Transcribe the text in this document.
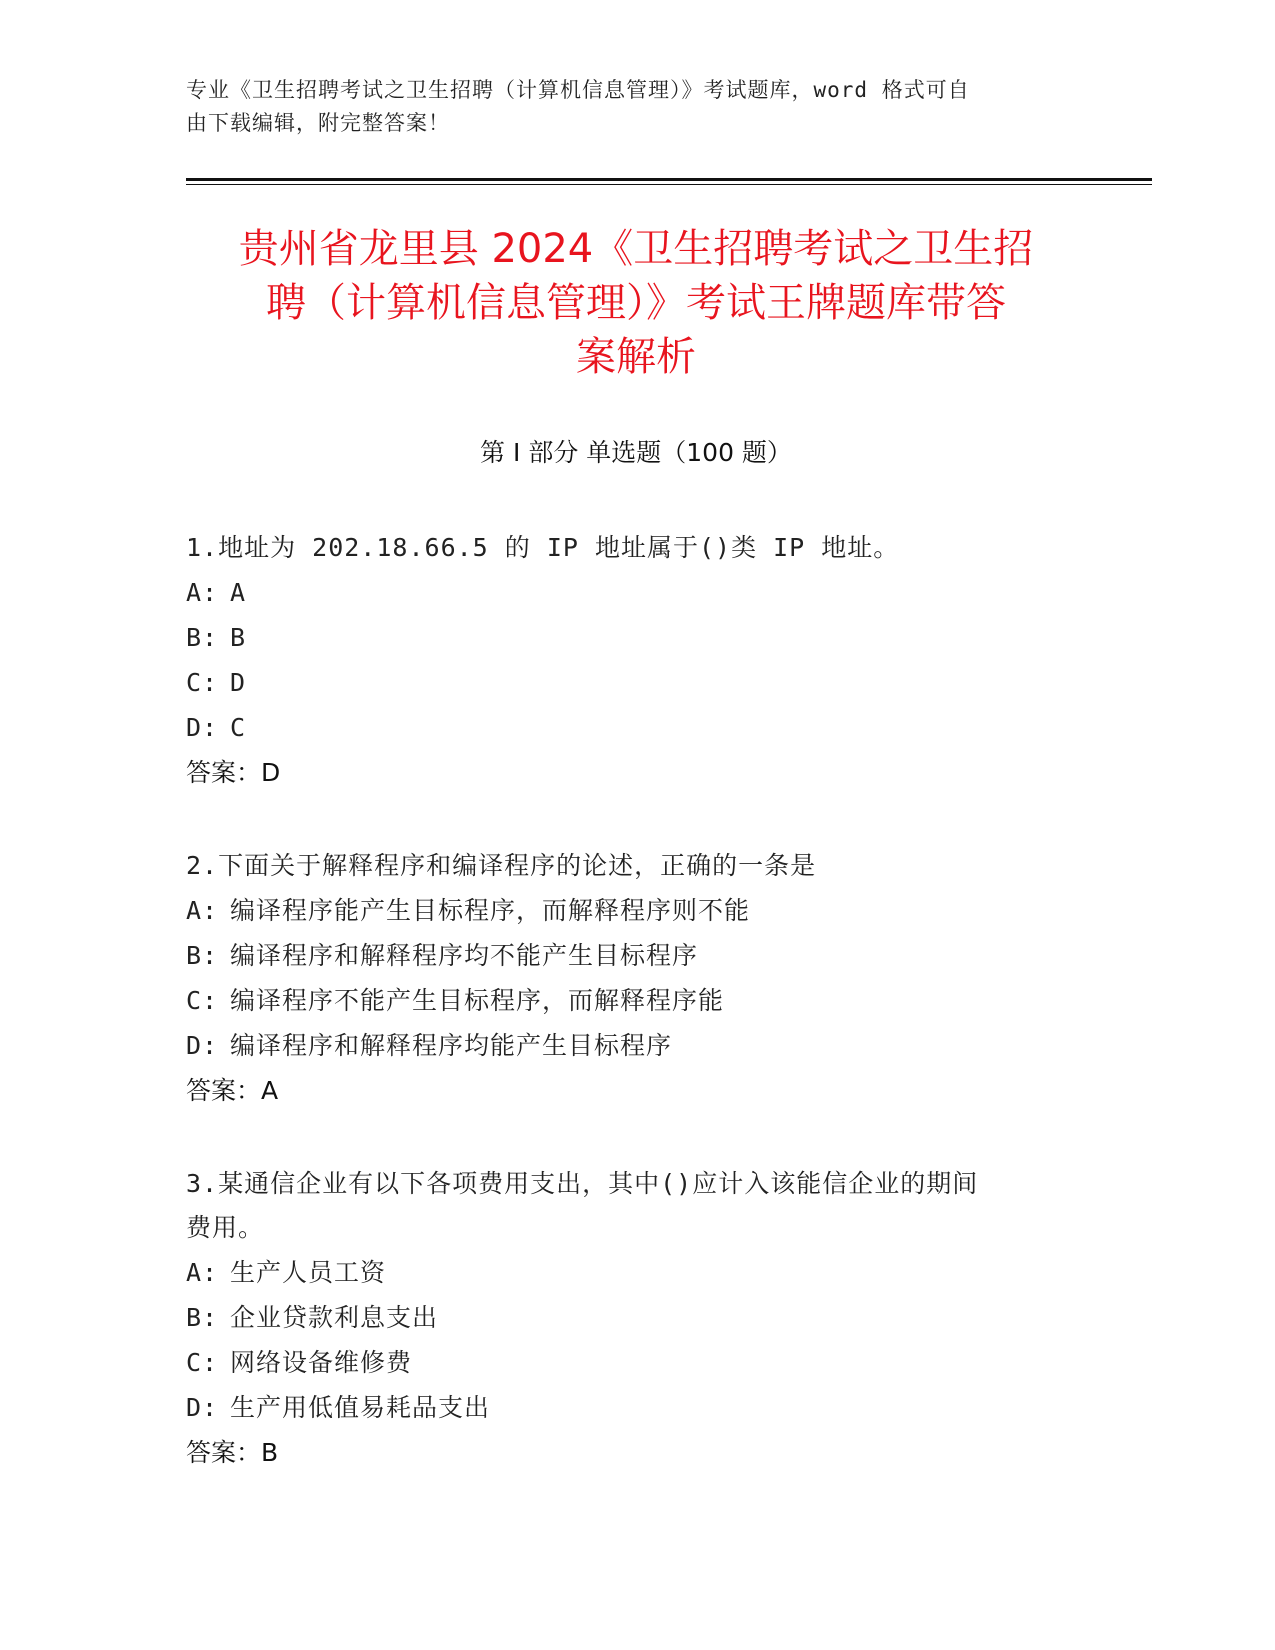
专业《卫生招聘考试之卫生招聘（计算机信息管理）》考试题库，word 格式可自
由下载编辑，附完整答案！
贵州省龙里县 2024《卫生招聘考试之卫生招
聘（计算机信息管理）》考试王牌题库带答
案解析
第 I 部分 单选题（100 题）
1.地址为 202.18.66.5 的 IP 地址属于()类 IP 地址。
A: A
B: B
C: D
D: C
答案：D
2.下面关于解释程序和编译程序的论述，正确的一条是
A: 编译程序能产生目标程序，而解释程序则不能
B: 编译程序和解释程序均不能产生目标程序
C: 编译程序不能产生目标程序，而解释程序能
D: 编译程序和解释程序均能产生目标程序
答案：A
3.某通信企业有以下各项费用支出，其中()应计入该能信企业的期间
费用。
A: 生产人员工资
B: 企业贷款利息支出
C: 网络设备维修费
D: 生产用低值易耗品支出
答案：B
